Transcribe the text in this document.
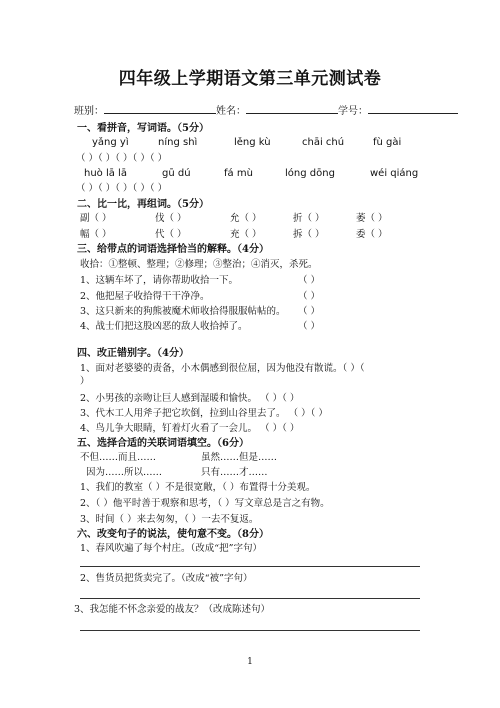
四年级上学期语文第三单元测试卷
班别：	姓名：	学号：
一、看拼音，写词语。（5分）
yǎng yì	níng shì	lěng kù	chāi chú	fù gài
（ ）（ ）（ ）（ ）（ ）
huò lā lā	gū dú	fá mù	lóng dōng	wéi qiáng
（ ）（ ）（ ）（ ）（ ）
二、比一比，再组词。（5分）
副（ ）	伐（ ）	允（ ）	折（ ）	萎（ ）
幅（ ）	代（ ）	充（ ）	拆（ ）	委（ ）
三、给带点的词语选择恰当的解释。（4分）
收拾：①整顿、整理；②修理；③整治；④消灭，杀死。
1、这辆车坏了，请你帮助收拾一下。	（ ）
2、他把屋子收拾得干干净净。	（ ）
3、这只新来的狗熊被魔术师收拾得服服帖帖的。 （ ）
4、战士们把这股凶恶的敌人收拾掉了。	（ ）
四、改正错别字。（4分）
1、面对老婆婆的责备，小木偶感到很位屈，因为他没有散谎。（ ）（
）
2、小男孩的亲吻让巨人感到湿暖和愉快。 （ ）（ ）
3、代木工人用斧子把它坎倒，拉到山谷里去了。 （ ）（ ）
4、鸟儿争大眼睛，钉着灯火看了一会儿。 （ ）（ ）
五、选择合适的关联词语填空。（6分）
不但……而且……	虽然……但是……
因为……所以……	只有……才……
1、我们的教室（ ）不是很宽敞，（ ）布置得十分美观。
2、（ ）他平时善于观察和思考，（ ）写文章总是言之有物。
3、时间（ ）来去匆匆，（ ）一去不复返。
六、改变句子的说法，使句意不变。（8分）
1、春风吹遍了每个村庄。（改成“把”字句）
2、售货员把货卖完了。（改成“被”字句）
3、我怎能不怀念亲爱的战友？（改成陈述句）
1
